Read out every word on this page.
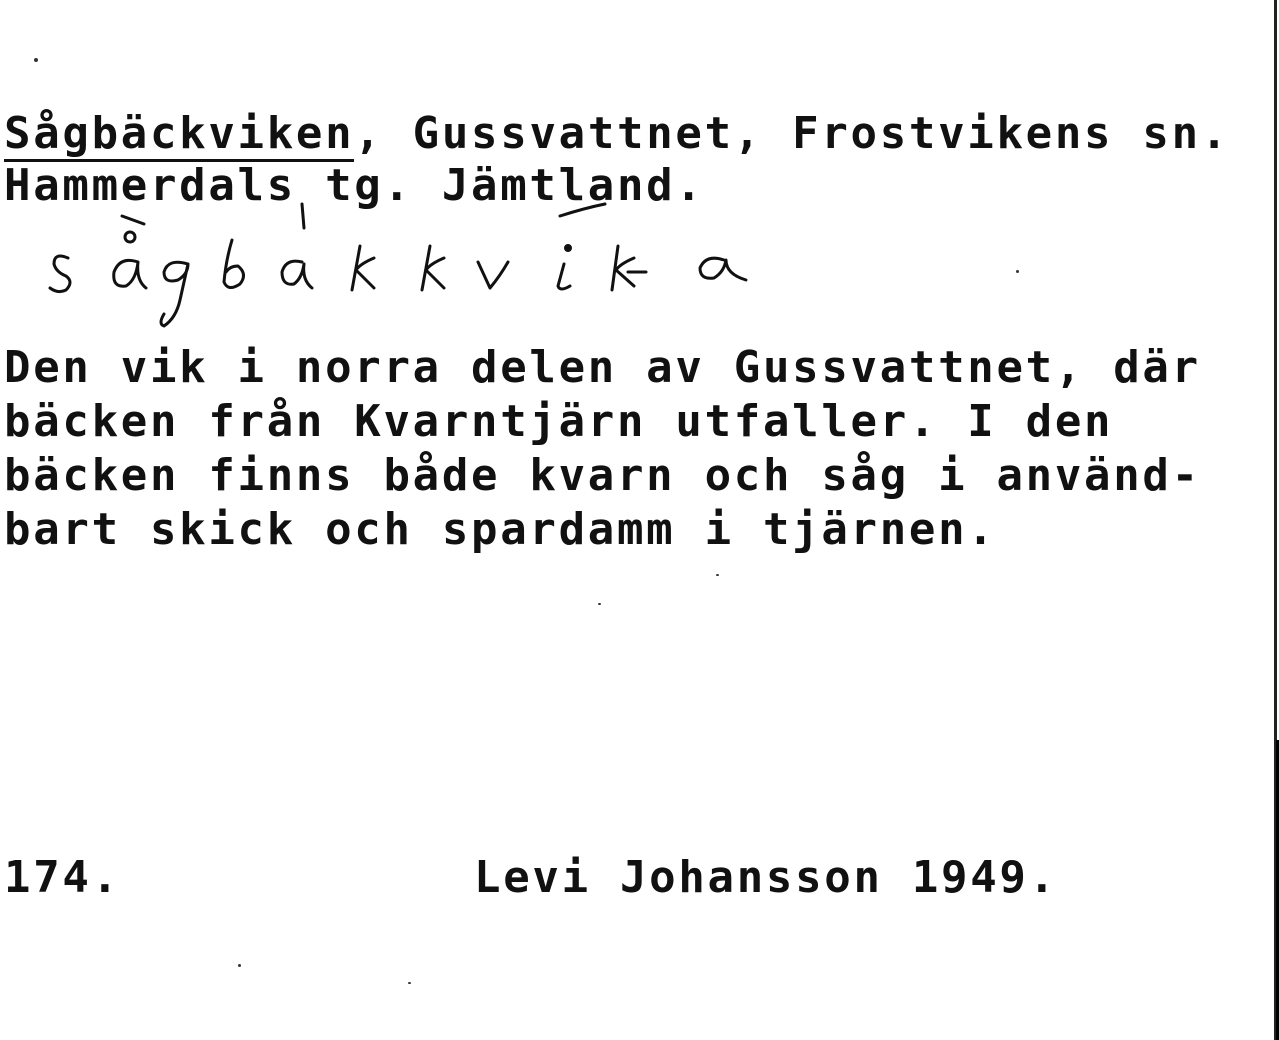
Sågbäckviken, Gussvattnet, Frostvikens sn.
Hammerdals tg. Jämtland.
Den vik i norra delen av Gussvattnet, där
bäcken från Kvarntjärn utfaller. I den
bäcken finns både kvarn och såg i använd-
bart skick och spardamm i tjärnen.
174.	Levi Johansson 1949.
